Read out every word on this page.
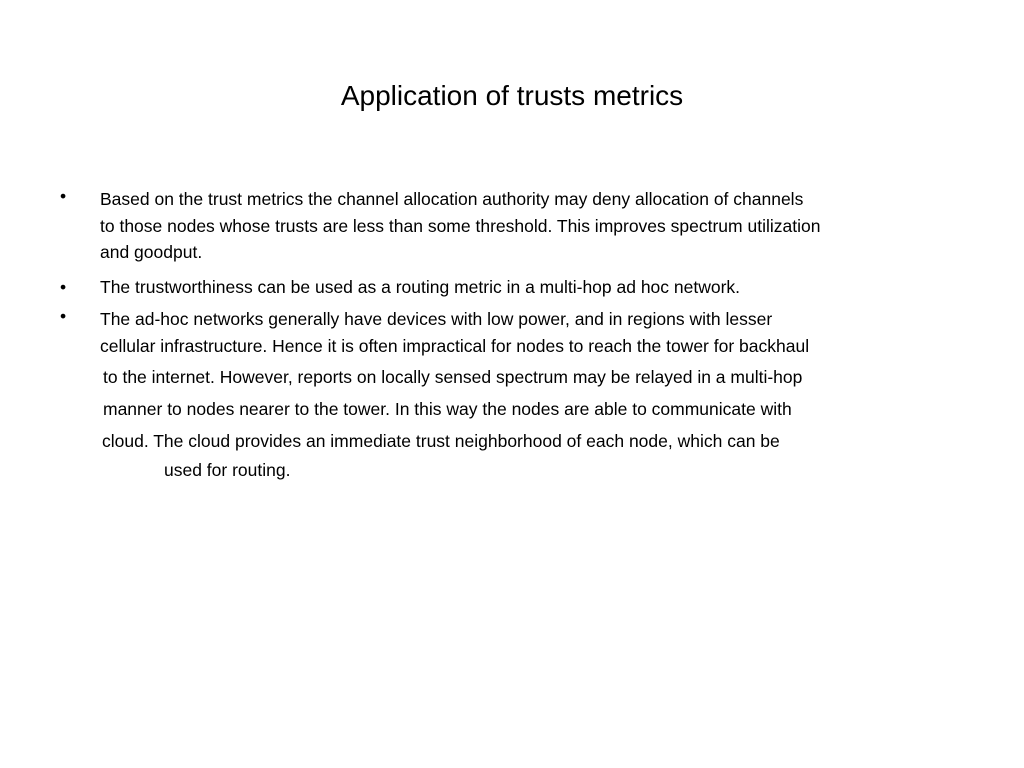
Application of trusts metrics
• Based on the trust metrics the channel allocation authority may deny allocation of channels
to those nodes whose trusts are less than some threshold. This improves spectrum utilization
and goodput.
• The trustworthiness can be used as a routing metric in a multi-hop ad hoc network.
• The ad-hoc networks generally have devices with low power, and in regions with lesser
cellular infrastructure. Hence it is often impractical for nodes to reach the tower for backhaul
to the internet. However, reports on locally sensed spectrum may be relayed in a multi-hop
manner to nodes nearer to the tower. In this way the nodes are able to communicate with
cloud. The cloud provides an immediate trust neighborhood of each node, which can be
used for routing.
